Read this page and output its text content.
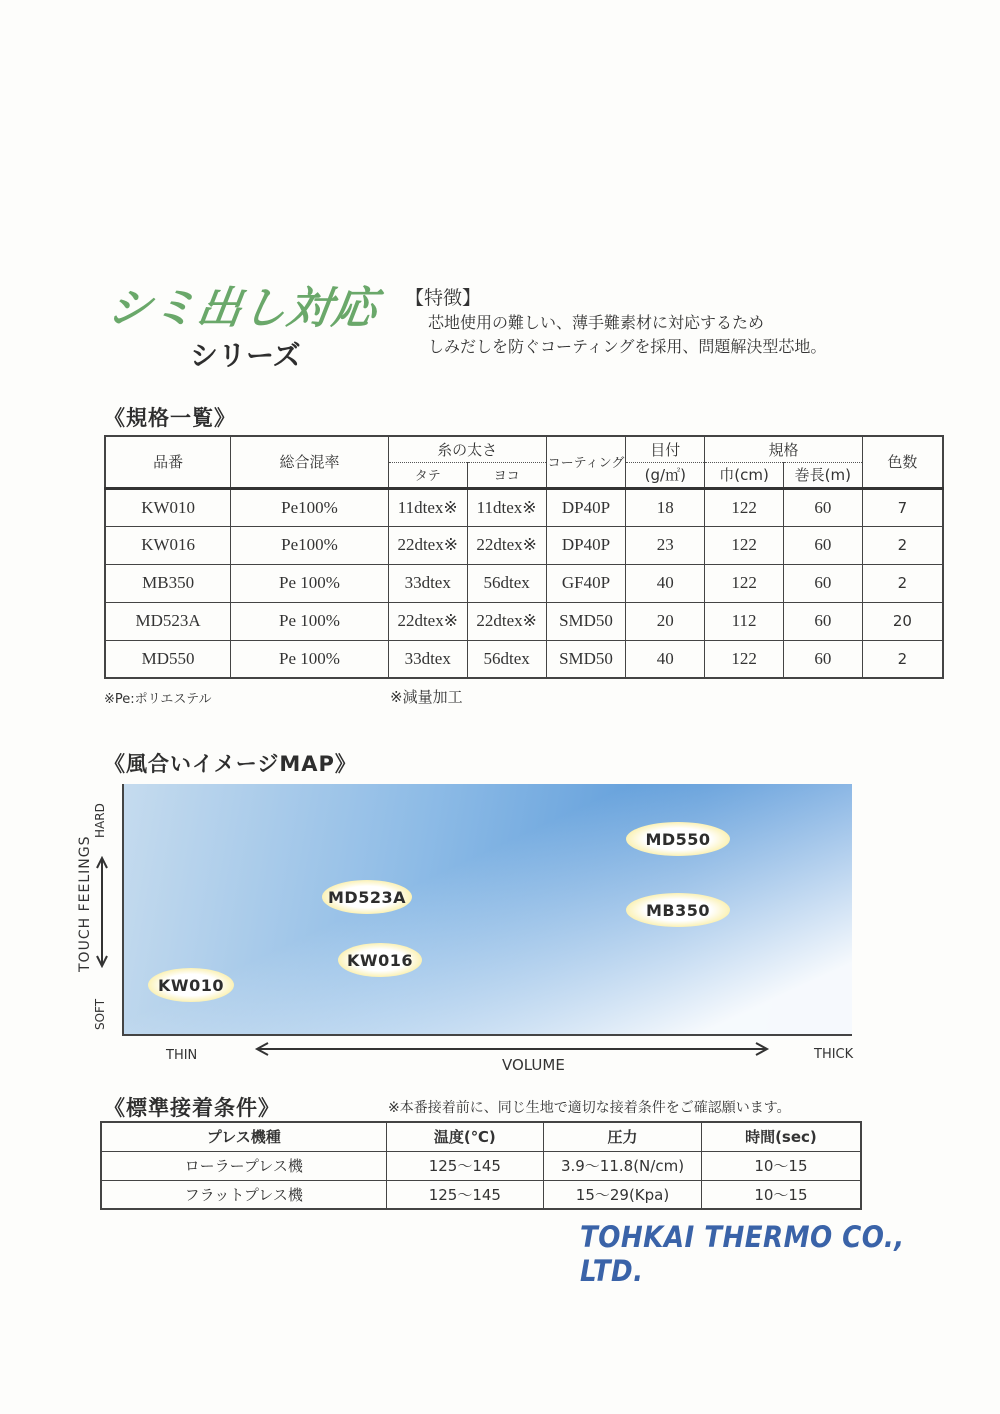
シミ出し対応
シリーズ
【特徴】
芯地使用の難しい、薄手難素材に対応するため
しみだしを防ぐコーティングを採用、問題解決型芯地。
《規格一覧》
品番	総合混率	糸の太さ		コーティング	目付	規格		色数
		タテ	ヨコ		(g/㎡)	巾(cm)	巻長(m)	
KW010	Pe100%	11dtex※	11dtex※	DP40P	18	122	60	7
KW016	Pe100%	22dtex※	22dtex※	DP40P	23	122	60	2
MB350	Pe 100%	33dtex	56dtex	GF40P	40	122	60	2
MD523A	Pe 100%	22dtex※	22dtex※	SMD50	20	112	60	20
MD550	Pe 100%	33dtex	56dtex	SMD50	40	122	60	2
※Pe:ポリエステル	※減量加工
《風合いイメージMAP》
MD550
MD523A
MB350
KW016
KW010
HARD
SOFT
TOUCH FEELINGS
THIN	THICK
VOLUME
《標準接着条件》	※本番接着前に、同じ生地で適切な接着条件をご確認願います。
プレス機種	温度(℃)	圧力	時間(sec)
ローラープレス機	125～145	3.9～11.8(N/cm)	10～15
フラットプレス機	125～145	15～29(Kpa)	10～15
TOHKAI THERMO CO., LTD.
